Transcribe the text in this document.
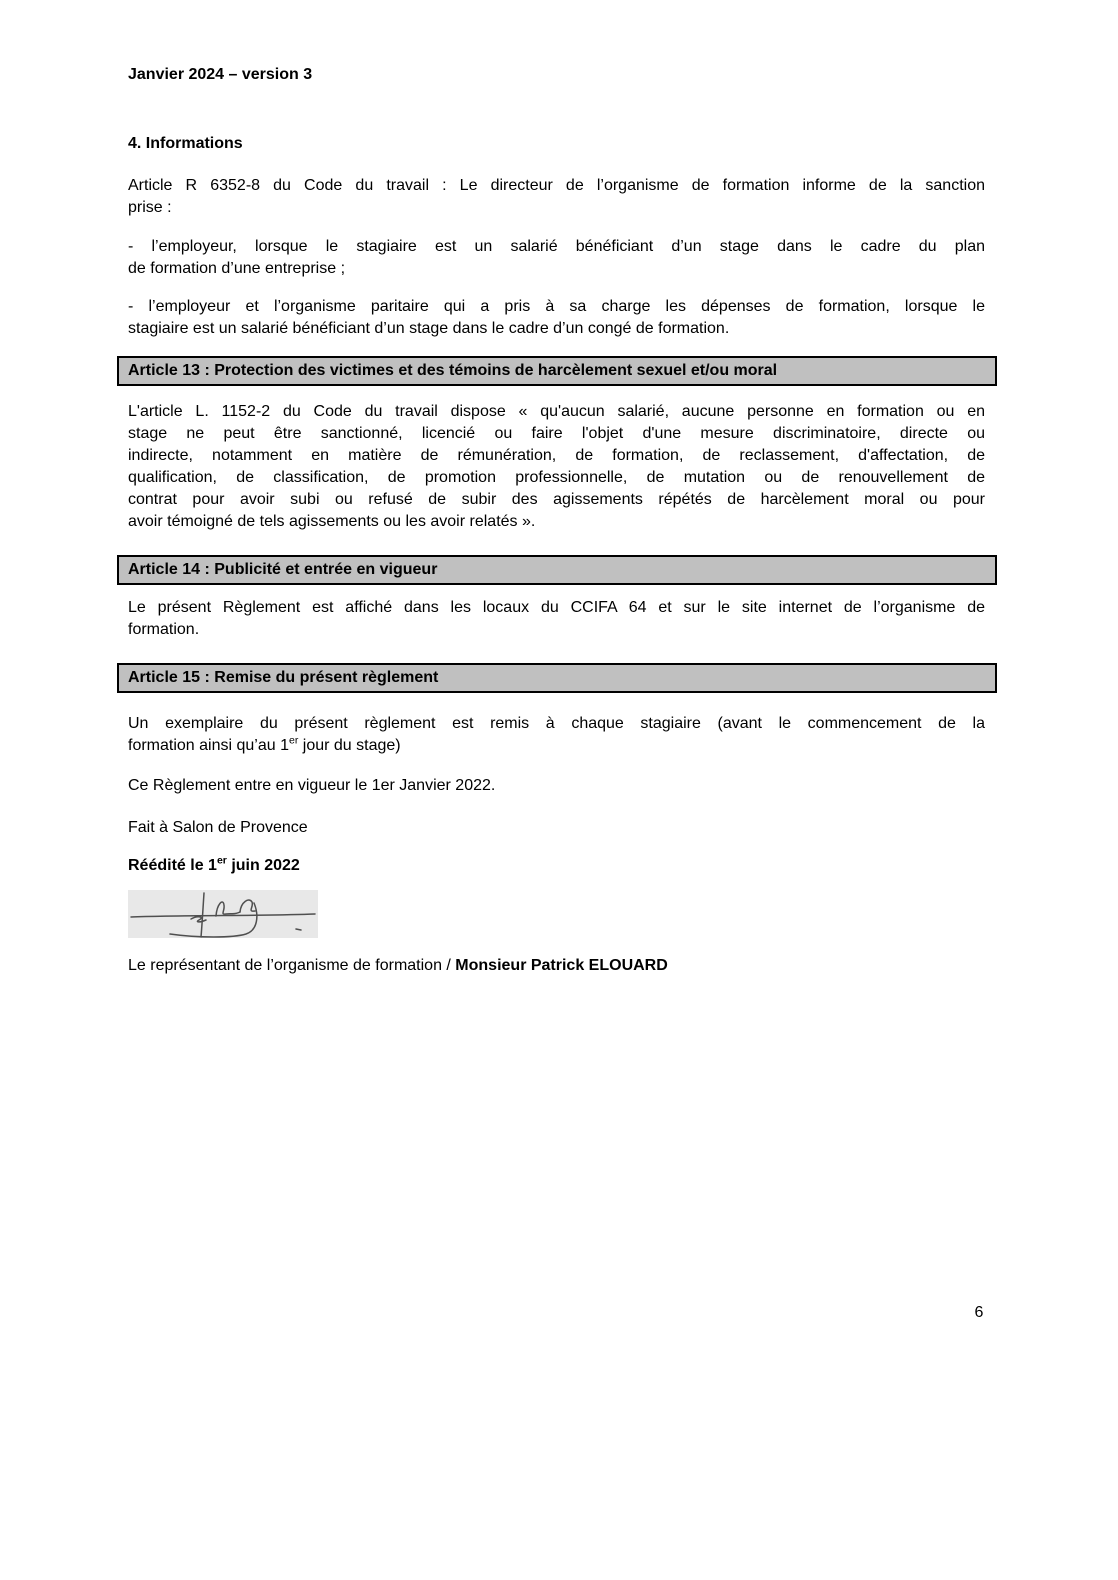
Janvier 2024 – version 3
4. Informations
Article R 6352-8 du Code du travail : Le directeur de l’organisme de formation informe de la sanction
prise :
- l’employeur, lorsque le stagiaire est un salarié bénéficiant d’un stage dans le cadre du plan
de formation d’une entreprise ;
- l’employeur et l’organisme paritaire qui a pris à sa charge les dépenses de formation, lorsque le
stagiaire est un salarié bénéficiant d’un stage dans le cadre d’un congé de formation.
Article 13 : Protection des victimes et des témoins de harcèlement sexuel et/ou moral
L'article L. 1152-2 du Code du travail dispose « qu'aucun salarié, aucune personne en formation ou en
stage ne peut être sanctionné, licencié ou faire l'objet d'une mesure discriminatoire, directe ou
indirecte, notamment en matière de rémunération, de formation, de reclassement, d'affectation, de
qualification, de classification, de promotion professionnelle, de mutation ou de renouvellement de
contrat pour avoir subi ou refusé de subir des agissements répétés de harcèlement moral ou pour
avoir témoigné de tels agissements ou les avoir relatés ».
Article 14 : Publicité et entrée en vigueur
Le présent Règlement est affiché dans les locaux du CCIFA 64 et sur le site internet de l’organisme de
formation.
Article 15 : Remise du présent règlement
Un exemplaire du présent règlement est remis à chaque stagiaire (avant le commencement de la
formation ainsi qu’au 1er jour du stage)
Ce Règlement entre en vigueur le 1er Janvier 2022.
Fait à Salon de Provence
Réédité le 1er juin 2022
Le représentant de l’organisme de formation / Monsieur Patrick ELOUARD
6
